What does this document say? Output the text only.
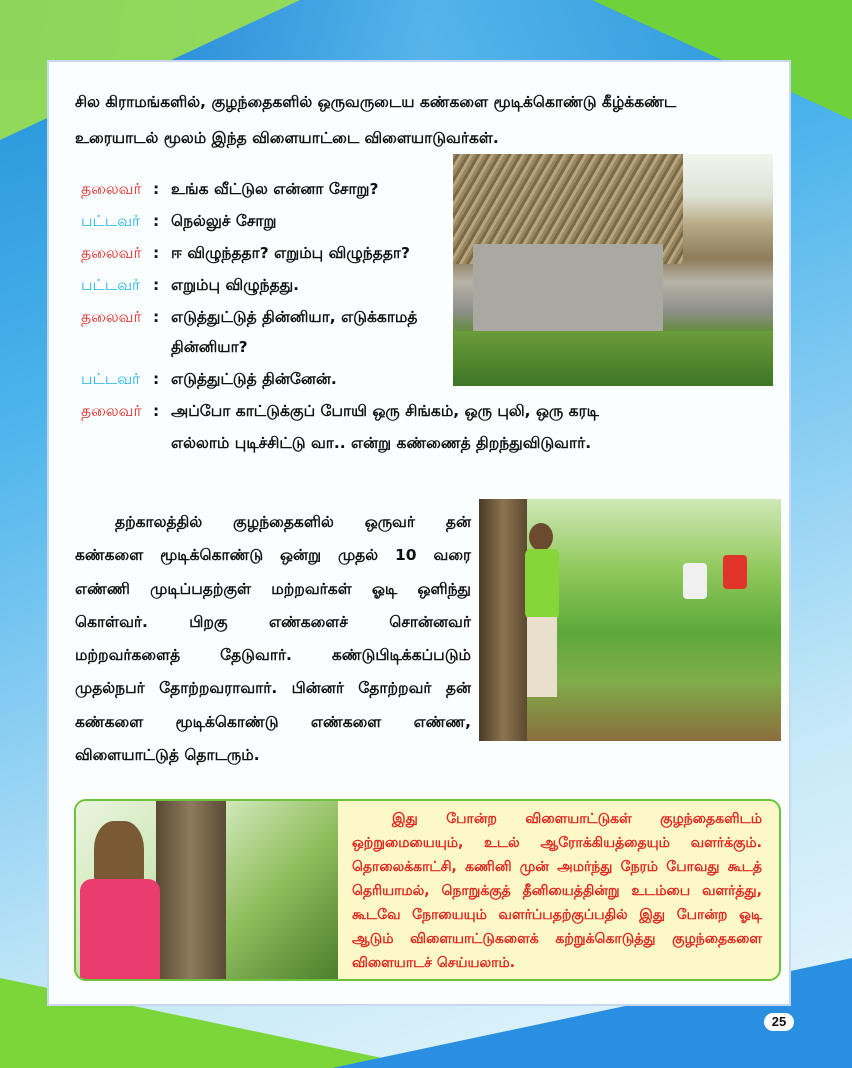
சில கிராமங்களில், குழந்தைகளில் ஒருவருடைய கண்களை மூடிக்கொண்டு கீழ்க்கண்ட
உரையாடல் மூலம் இந்த விளையாட்டை விளையாடுவர்கள்.
தலைவர் : உங்க வீட்டுல என்னா சோறு?
பட்டவர் : நெல்லுச் சோறு
தலைவர் : ஈ விழுந்ததா? எறும்பு விழுந்ததா?
பட்டவர் : எறும்பு விழுந்தது.
தலைவர் : எடுத்துட்டுத் தின்னியா, எடுக்காமத்
தின்னியா?
பட்டவர் : எடுத்துட்டுத் தின்னேன்.
தலைவர் : அப்போ காட்டுக்குப் போயி ஒரு சிங்கம், ஒரு புலி, ஒரு கரடி
எல்லாம் புடிச்சிட்டு வா.. என்று கண்ணைத் திறந்துவிடுவார்.
தற்காலத்தில் குழந்தைகளில் ஒருவர் தன்
கண்களை மூடிக்கொண்டு ஒன்று முதல் 10 வரை
எண்ணி முடிப்பதற்குள் மற்றவர்கள் ஓடி ஒளிந்து
கொள்வர். பிறகு எண்களைச் சொன்னவர்
மற்றவர்களைத் தேடுவார். கண்டுபிடிக்கப்படும்
முதல்நபர் தோற்றவராவார். பின்னர் தோற்றவர் தன்
கண்களை மூடிக்கொண்டு எண்களை எண்ண,
விளையாட்டுத் தொடரும்.
இது போன்ற விளையாட்டுகள் குழந்தைகளிடம் ஒற்றுமையையும், உடல் ஆரோக்கியத்தையும் வளர்க்கும். தொலைக்காட்சி, கணினி முன் அமர்ந்து நேரம் போவது கூடத் தெரியாமல், நொறுக்குத் தீனியைத்தின்று உடம்பை வளர்த்து, கூடவே நோயையும் வளர்ப்பதற்குப்பதில் இது போன்ற ஓடி ஆடும் விளையாட்டுகளைக் கற்றுக்கொடுத்து குழந்தைகளை விளையாடச் செய்யலாம்.
25
